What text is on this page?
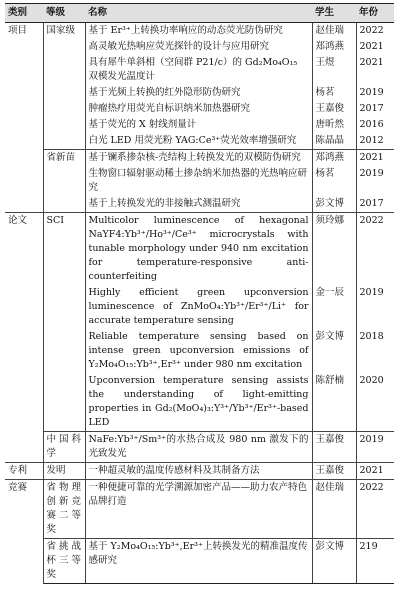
类别	等级	名称	学生	年份
项目	国家级	基于 Er³⁺上转换功率响应的动态荧光防伪研究	赵佳瑞	2022
		高灵敏光热响应荧光探针的设计与应用研究	郑鸿燕	2021
		具有犀牛单斜相（空间群 P21/c）的 Gd₂Mo₄O₁₅ 双模发光温度计	王煜	2021
		基于光频上转换的红外隐形防伪研究	杨茗	2019
		肿瘤热疗用荧光自标识纳米加热器研究	王嘉俊	2017
		基于荧光的 X 射线剂量计	唐昕然	2016
		白光 LED 用荧光粉 YAG:Ce³⁺荧光效率增强研究	陈晶晶	2012
	省新苗	基于镧系掺杂核-壳结构上转换发光的双模防伪研究	郑鸿燕	2021
		生物窗口辐射驱动稀土掺杂纳米加热器的光热响应研究	杨茗	2019
		基于上转换发光的非接触式测温研究	彭文博	2017
论文	SCI	Multicolor luminescence of hexagonal NaYF4:Yb³⁺/Ho³⁺/Ce³⁺ microcrystals with tunable morphology under 940 nm excitation for temperature-responsive anti-counterfeiting	须玲娜	2022
		Highly efficient green upconversion luminescence of ZnMoO₄:Yb³⁺/Er³⁺/Li⁺ for accurate temperature sensing	金一辰	2019
		Reliable temperature sensing based on intense green upconversion emissions of Y₂Mo₄O₁₅:Yb³⁺,Er³⁺ under 980 nm excitation	彭文博	2018
		Upconversion temperature sensing assists the understanding of light-emitting properties in Gd₂(MoO₄)₃:Y³⁺/Yb³⁺/Er³⁺-based LED	陈舒楠	2020
	中 国 科 学	NaFe:Yb³⁺/Sm³⁺的水热合成及 980 nm 激发下的光致发光	王嘉俊	2019
专利	发明	一种超灵敏的温度传感材料及其制备方法	王嘉俊	2021
竞赛	省 物 理 创 新 竞 赛 二 等 奖	一种便捷可靠的光学溯源加密产品——助力农产特色品牌打造	赵佳瑞	2022
	省 挑 战 杯 三 等 奖	基于 Y₂Mo₄O₁₅:Yb³⁺,Er³⁺上转换发光的精准温度传感研究	彭文博	219
